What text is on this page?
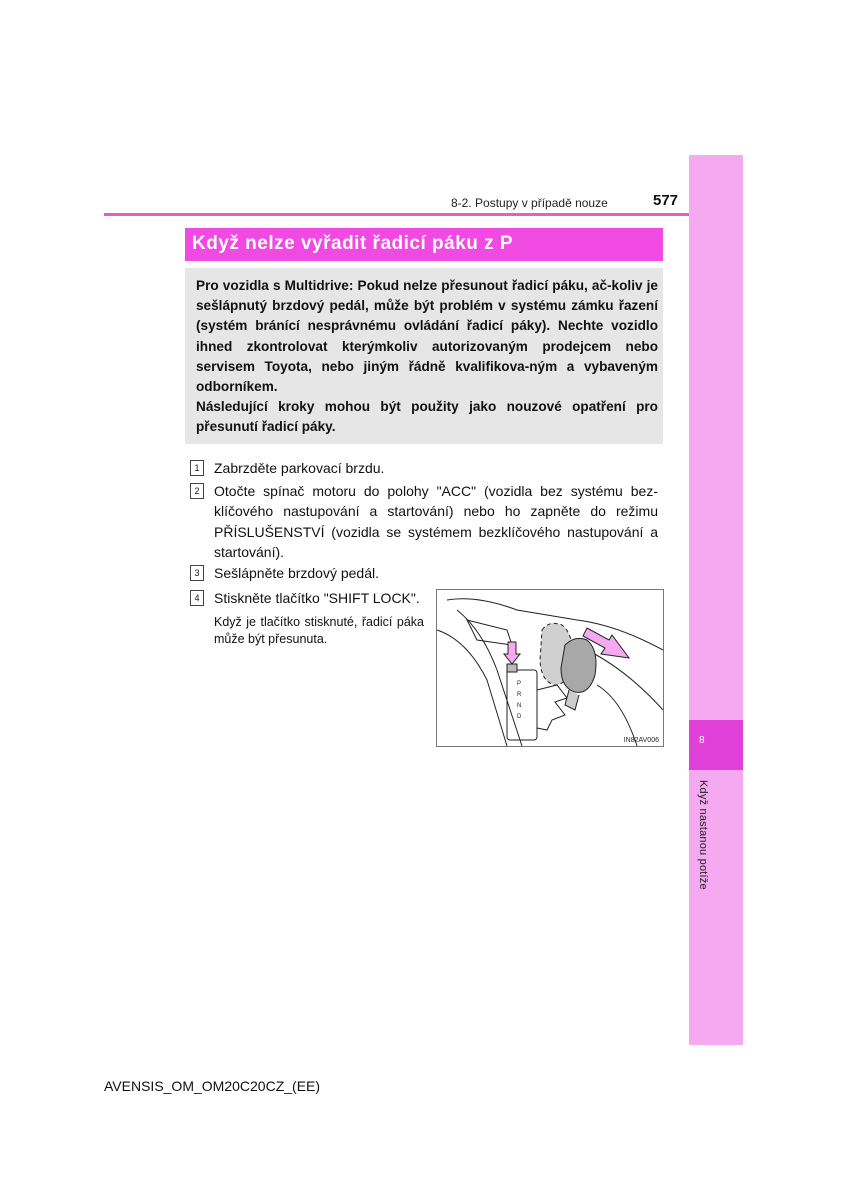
8
Když nastanou potíže
8-2. Postupy v případě nouze	577
Když nelze vyřadit řadicí páku z P

Pro vozidla s Multidrive: Pokud nelze přesunout řadicí páku, ač-koliv je sešlápnutý brzdový pedál, může být problém v systému zámku řazení (systém bránící nesprávnému ovládání řadicí páky). Nechte vozidlo ihned zkontrolovat kterýmkoliv autorizovaným prodejcem nebo servisem Toyota, nebo jiným řádně kvalifikova-ným a vybaveným odborníkem.

Následující kroky mohou být použity jako nouzové opatření pro přesunutí řadicí páky.

1	Zabrzděte parkovací brzdu.
2	Otočte spínač motoru do polohy "ACC" (vozidla bez systému bez-klíčového nastupování a startování) nebo ho zapněte do režimu PŘÍSLUŠENSTVÍ (vozidla se systémem bezklíčového nastupování a startování).
3	Sešlápněte brzdový pedál.
4	Stiskněte tlačítko "SHIFT LOCK".
Když je tlačítko stisknuté, řadicí páka může být přesunuta.
P
R
N
D
IN82AV006
AVENSIS_OM_OM20C20CZ_(EE)
